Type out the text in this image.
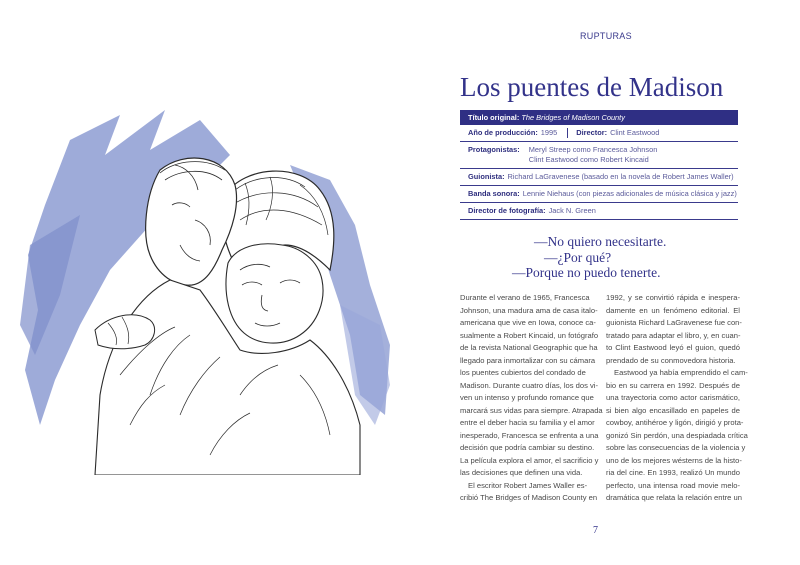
RUPTURAS
Los puentes de Madison
Título original: The Bridges of Madison County
Año de producción: 1995	Director: Clint Eastwood
Protagonistas: Meryl Streep como Francesca Johnson
Clint Eastwood como Robert Kincaid
Guionista: Richard LaGravenese (basado en la novela de Robert James Waller)
Banda sonora: Lennie Niehaus (con piezas adicionales de música clásica y jazz)
Director de fotografía: Jack N. Green
—No quiero necesitarte.
—¿Por qué?
—Porque no puedo tenerte.
Durante el verano de 1965, Francesca
Johnson, una madura ama de casa italo-
americana que vive en Iowa, conoce ca-
sualmente a Robert Kincaid, un fotógrafo
de la revista National Geographic que ha
llegado para inmortalizar con su cámara
los puentes cubiertos del condado de
Madison. Durante cuatro días, los dos vi-
ven un intenso y profundo romance que
marcará sus vidas para siempre. Atrapada
entre el deber hacia su familia y el amor
inesperado, Francesca se enfrenta a una
decisión que podría cambiar su destino.
La película explora el amor, el sacrificio y
las decisiones que definen una vida.
El escritor Robert James Waller es-
cribió The Bridges of Madison County en
1992, y se convirtió rápida e inespera-
damente en un fenómeno editorial. El
guionista Richard LaGravenese fue con-
tratado para adaptar el libro, y, en cuan-
to Clint Eastwood leyó el guion, quedó
prendado de su conmovedora historia.
Eastwood ya había emprendido el cam-
bio en su carrera en 1992. Después de
una trayectoria como actor carismático,
si bien algo encasillado en papeles de
cowboy, antihéroe y ligón, dirigió y prota-
gonizó Sin perdón, una despiadada crítica
sobre las consecuencias de la violencia y
uno de los mejores wésterns de la histo-
ria del cine. En 1993, realizó Un mundo
perfecto, una intensa road movie melo-
dramática que relata la relación entre un
7
